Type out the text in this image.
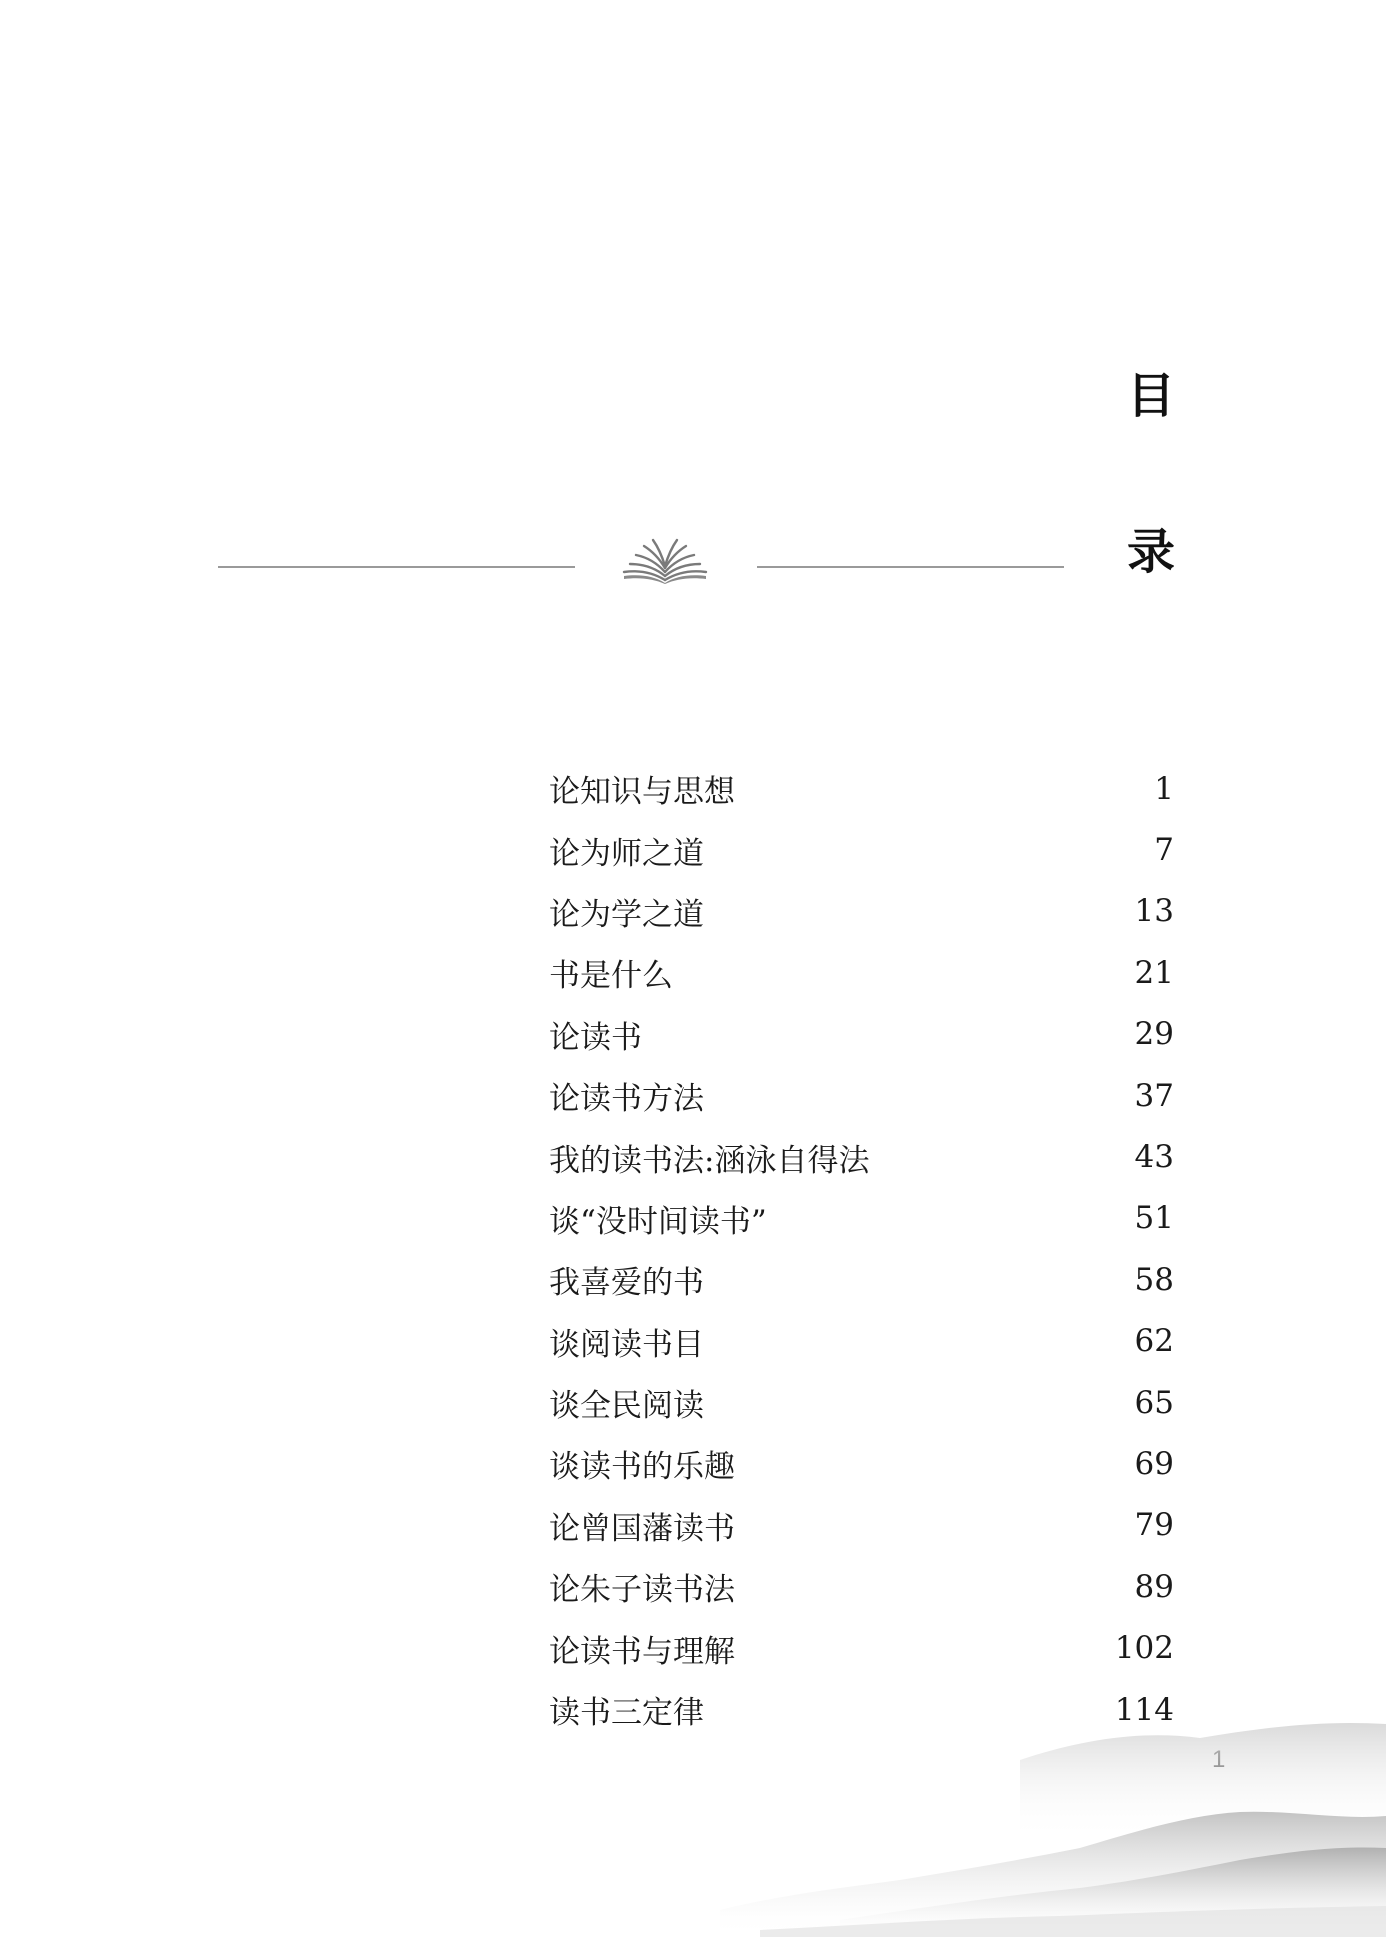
目
录
论知识与思想	1
论为师之道	7
论为学之道	13
书是什么	21
论读书	29
论读书方法	37
我的读书法:涵泳自得法	43
谈“没时间读书”	51
我喜爱的书	58
谈阅读书目	62
谈全民阅读	65
谈读书的乐趣	69
论曾国藩读书	79
论朱子读书法	89
论读书与理解	102
读书三定律	114
